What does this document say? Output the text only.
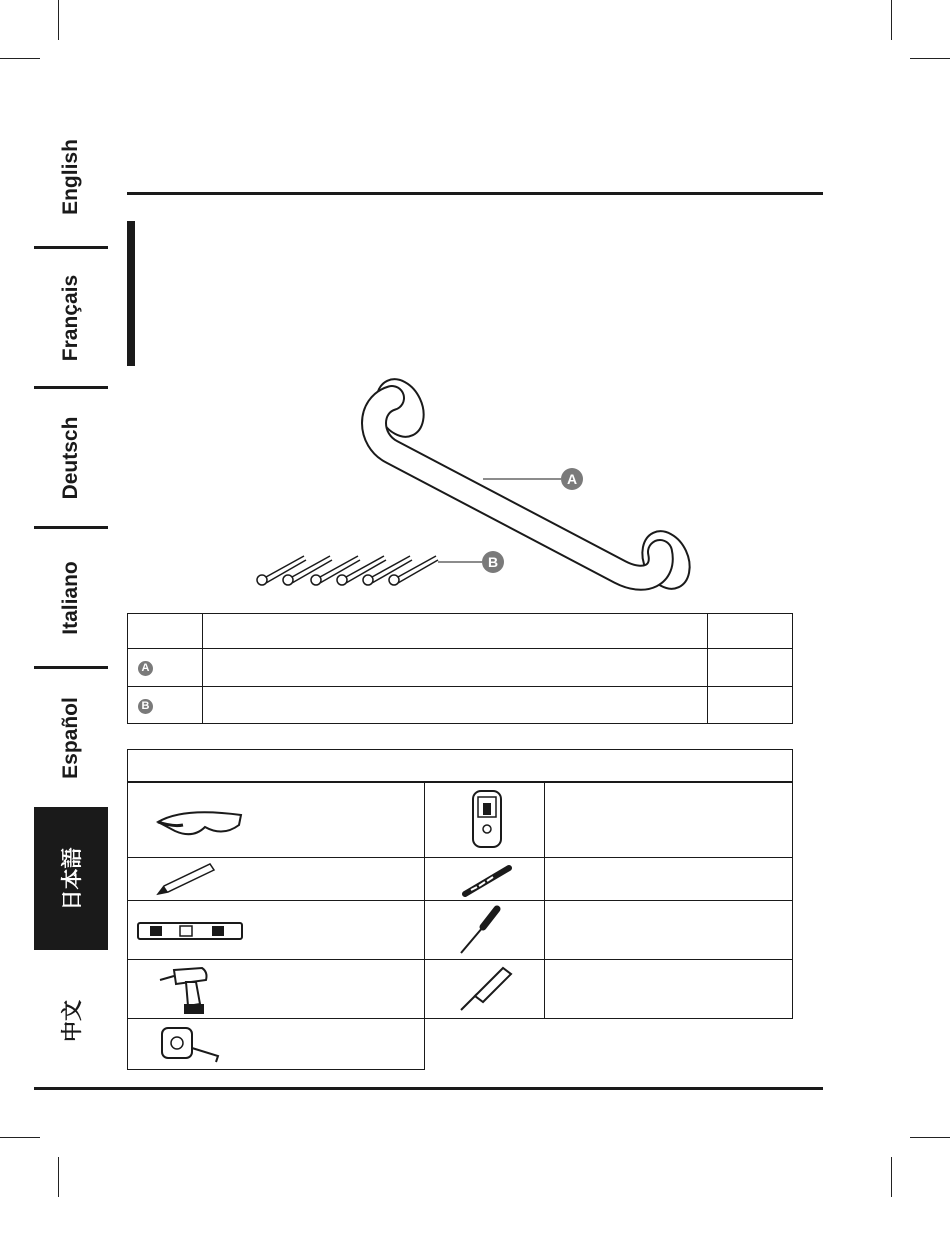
English
Français
Deutsch
Italiano
Español
日本語
中文
A
B

A		
B		
